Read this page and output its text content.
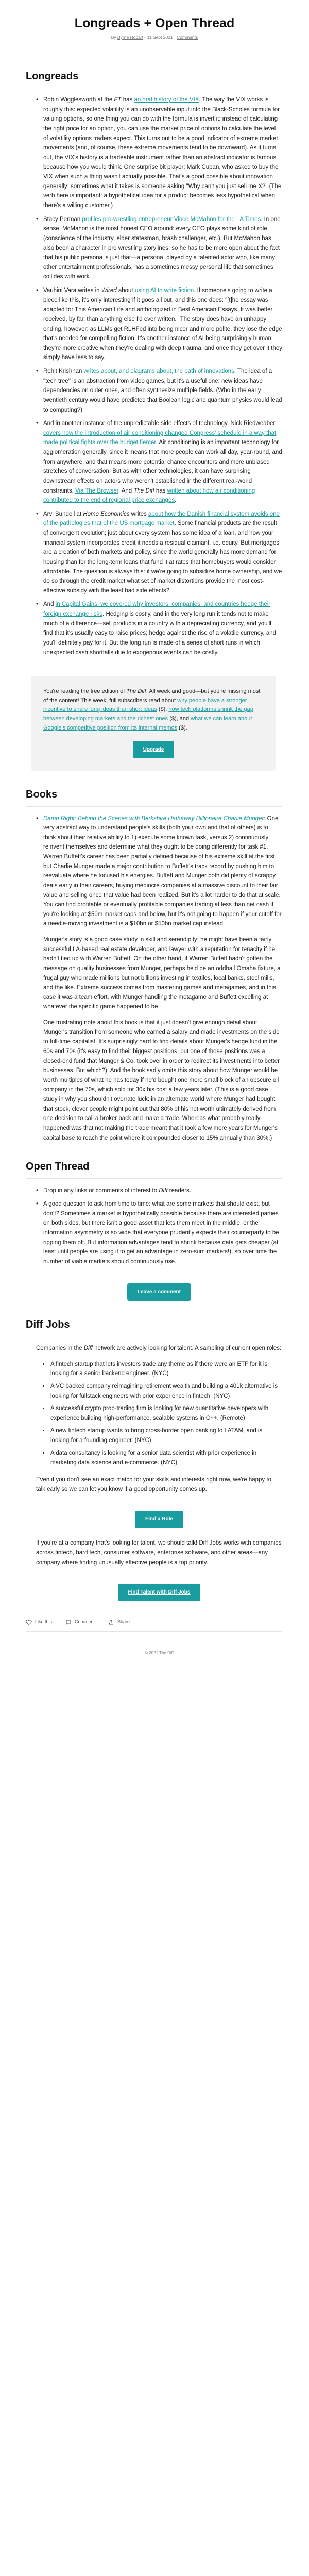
Longreads + Open Thread
By Byrne Hobart · 11 Sept 2021 · Comments
Longreads
• Robin Wigglesworth at the FT has an oral history of the VIX. The way the VIX works is roughly this: expected volatility is an unobservable input into the Black-Scholes formula for valuing options, so one thing you can do with the formula is invert it: instead of calculating the right price for an option, you can use the market price of options to calculate the level of volatility options traders expect. This turns out to be a good indicator of extreme market movements (and, of course, these extreme movements tend to be downward). As it turns out, the VIX's history is a tradeable instrument rather than an abstract indicator is famous because how you would think. One surprise bit player: Mark Cuban, who asked to buy the VIX when such a thing wasn't actually possible. That's a good possible about innovation generally: sometimes what it takes is someone asking "Why can't you just sell me X?" (The verb here is important: a hypothetical idea for a product becomes less hypothetical when there's a willing customer.)
• Stacy Perman profiles pro-wrestling entrepreneur Vince McMahon for the LA Times. In one sense, McMahon is the most honest CEO around: every CEO plays some kind of role (conscience of the industry, elder statesman, brash challenger, etc.). But McMahon has also been a character in pro wrestling storylines, so he has to be more open about the fact that his public persona is just that—a persona, played by a talented actor who, like many other entertainment professionals, has a sometimes messy personal life that sometimes collides with work.
• Vauhini Vara writes in Wired about using AI to write fiction. If someone's going to write a piece like this, it's only interesting if it goes all out, and this one does: "[t]he essay was adapted for This American Life and anthologized in Best American Essays. It was better received, by far, than anything else I'd ever written." The story does have an unhappy ending, however: as LLMs get RLHFed into being nicer and more polite, they lose the edge that's needed for compelling fiction. It's another instance of AI being surprisingly human: they're more creative when they're dealing with deep trauma, and once they get over it they simply have less to say.
• Rohit Krishnan writes about, and diagrams about, the path of innovations. The idea of a "tech tree" is an abstraction from video games, but it's a useful one: new ideas have dependencies on older ones, and often synthesize multiple fields. (Who in the early twentieth century would have predicted that Boolean logic and quantum physics would lead to computing?)
• And in another instance of the unpredictable side effects of technology, Nick Riedweaber covers how the introduction of air conditioning changed Congress' schedule in a way that made political fights over the budget fiercer. Air conditioning is an important technology for agglomeration generally, since it means that more people can work all day, year-round, and from anywhere, and that means more potential chance encounters and more unbiased stretches of conversation. But as with other technologies, it can have surprising downstream effects on actors who weren't established in the different real-world constraints. Via The Browser. And The Diff has written about how air conditioning contributed to the end of regional price exchanges.
• Arvi Sundell at Home Economics writes about how the Danish financial system avoids one of the pathologies that of the US mortgage market. Some financial products are the result of convergent evolution; just about every system has some idea of a loan, and how your financial system incorporates credit it needs a residual claimant, i.e. equity. But mortgages are a creation of both markets and policy, since the world generally has more demand for housing than for the long-term loans that fund it at rates that homebuyers would consider affordable. The question is always this: if we're going to subsidize home ownership, and we do so through the credit market what set of market distortions provide the most cost-effective subsidy with the least bad side effects?
• And in Capital Gains, we covered why investors, companies, and countries hedge their foreign exchange risks. Hedging is costly, and in the very long run it tends not to make much of a difference—sell products in a country with a depreciating currency, and you'll find that it's usually easy to raise prices; hedge against the rise of a volatile currency, and you'll definitely pay for it. But the long run is made of a series of short runs in which unexpected cash shortfalls due to exogenous events can be costly.

You're reading the free edition of The Diff. All week and good—but you're missing most of the content! This week, full subscribers read about why people have a stronger incentive to share long ideas than short ideas ($), how tech platforms shrink the gap between developing markets and the richest ones ($), and what we can learn about Google's competitive position from its internal memos ($).

Upgrade
Books

• Damn Right: Behind the Scenes with Berkshire Hathaway Billionaire Charlie Munger: One very abstract way to understand people's skills (both your own and that of others) is to think about their relative ability to 1) execute some known task, versus 2) continuously reinvent themselves and determine what they ought to be doing differently for task #1. Warren Buffett's career has been partially defined because of his extreme skill at the first, but Charlie Munger made a major contribution to Buffett's track record by pushing him to reevaluate where he focused his energies. Buffett and Munger both did plenty of scrappy deals early in their careers, buying mediocre companies at a massive discount to their fair value and selling once that value had been realized. But it's a lot harder to do that at scale. You can find profitable or eventually profitable companies trading at less than net cash if you're looking at $50m market caps and below, but it's not going to happen if your cutoff for a needle-moving investment is a $10bn or $50bn market cap instead.

Munger's story is a good case study in skill and serendipity: he might have been a fairly successful LA-based real estate developer, and lawyer with a reputation for tenacity if he hadn't tied up with Warren Buffett. On the other hand, if Warren Buffett hadn't gotten the message on quality businesses from Munger, perhaps he'd be an oddball Omaha fixture, a frugal guy who made millions but not billions investing in textiles, local banks, steel mills, and the like. Extreme success comes from mastering games and metagames, and in this case it was a team effort, with Munger handling the metagame and Buffett excelling at whatever the specific game happened to be.

One frustrating note about this book is that it just doesn't give enough detail about Munger's transition from someone who earned a salary and made investments on the side to full-time capitalist. It's surprisingly hard to find details about Munger's hedge fund in the 60s and 70s (it's easy to find their biggest positions, but one of those positions was a closed-end fund that Munger & Co. took over in order to redirect its investments into better businesses. But which?). And the book sadly omits this story about how Munger would be worth multiples of what he has today if he'd bought one more small block of an obscure oil company in the 70s, which sold for 30x his cost a few years later. (This is a good case study in why you shouldn't overrate luck: in an alternate world where Munger had bought that stock, clever people might point out that 80% of his net worth ultimately derived from one decision to call a broker back and make a trade. Whereas what probably really happened was that not making the trade meant that it took a few more years for Munger's capital base to reach the point where it compounded closer to 15% annually than 30%.)

Open Thread
• Drop in any links or comments of interest to Diff readers.
• A good question to ask from time to time: what are some markets that should exist, but don't? Sometimes a market is hypothetically possible because there are interested parties on both sides, but there isn't a good asset that lets them meet in the middle, or the information asymmetry is so wide that everyone prudently expects their counterparty to be ripping them off. But information advantages tend to shrink because data gets cheaper (at least until people are using it to get an advantage in zero-sum markets!), so over time the number of viable markets should continuously rise.
Leave a comment
Diff Jobs

Companies in the Diff network are actively looking for talent. A sampling of current open roles:

• A fintech startup that lets investors trade any theme as if there were an ETF for it is looking for a senior backend engineer. (NYC)
• A VC backed company reimagining retirement wealth and building a 401k alternative is looking for fullstack engineers with prior experience in fintech. (NYC)
• A successful crypto prop-trading firm is looking for new quantitative developers with experience building high-performance, scalable systems in C++. (Remote)
• A new fintech startup wants to bring cross-border open banking to LATAM, and is looking for a founding engineer. (NYC)
• A data consultancy is looking for a senior data scientist with prior experience in marketing data science and e-commerce. (NYC)

Even if you don't see an exact match for your skills and interests right now, we're happy to talk early so we can let you know if a good opportunity comes up.

Find a Role

If you're at a company that's looking for talent, we should talk! Diff Jobs works with companies across fintech, hard tech, consumer software, enterprise software, and other areas—any company where finding unusually effective people is a top priority.

Find Talent with Diff Jobs
Like this	Comment	Share
© 2021 The Diff
